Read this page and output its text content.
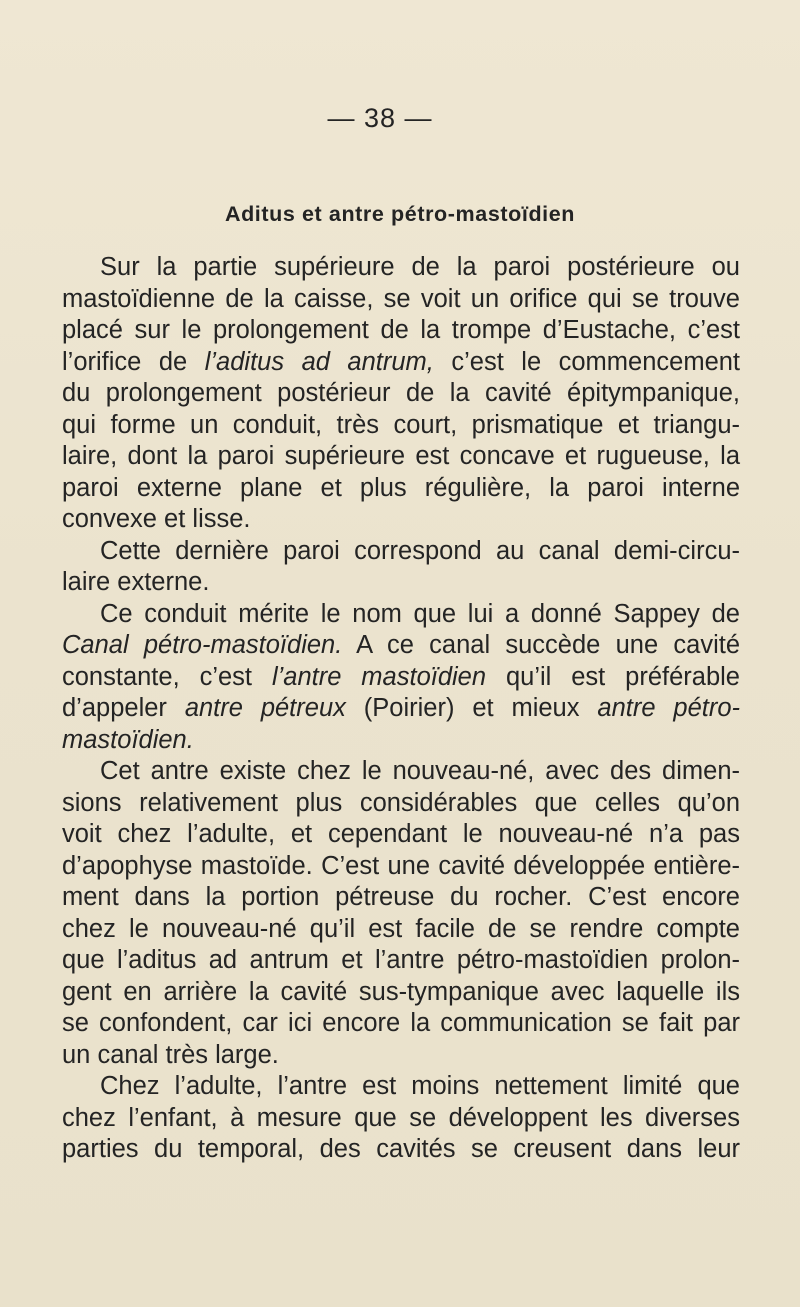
— 38 —
Aditus et antre pétro-mastoïdien
Sur la partie supérieure de la paroi postérieure ou
mastoïdienne de la caisse, se voit un orifice qui se trouve
placé sur le prolongement de la trompe d’Eustache, c’est
l’orifice de l’aditus ad antrum, c’est le commencement
du prolongement postérieur de la cavité épitympanique,
qui forme un conduit, très court, prismatique et triangu-
laire, dont la paroi supérieure est concave et rugueuse, la
paroi externe plane et plus régulière, la paroi interne
convexe et lisse.
Cette dernière paroi correspond au canal demi-circu-
laire externe.
Ce conduit mérite le nom que lui a donné Sappey de
Canal pétro-mastoïdien. A ce canal succède une cavité
constante, c’est l’antre mastoïdien qu’il est préférable
d’appeler antre pétreux (Poirier) et mieux antre pétro-
mastoïdien.
Cet antre existe chez le nouveau-né, avec des dimen-
sions relativement plus considérables que celles qu’on
voit chez l’adulte, et cependant le nouveau-né n’a pas
d’apophyse mastoïde. C’est une cavité développée entière-
ment dans la portion pétreuse du rocher. C’est encore
chez le nouveau-né qu’il est facile de se rendre compte
que l’aditus ad antrum et l’antre pétro-mastoïdien prolon-
gent en arrière la cavité sus-tympanique avec laquelle ils
se confondent, car ici encore la communication se fait par
un canal très large.
Chez l’adulte, l’antre est moins nettement limité que
chez l’enfant, à mesure que se développent les diverses
parties du temporal, des cavités se creusent dans leur
